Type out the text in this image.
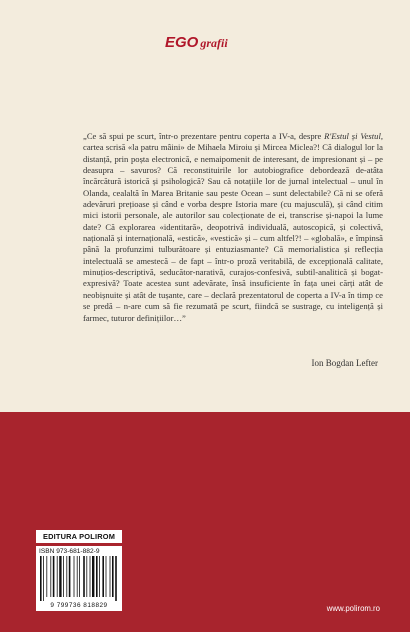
EGO grafii

„Ce să spui pe scurt, într-o prezentare pentru coperta a IV-a, despre R'Estul și Vestul, cartea scrisă «la patru mâini» de Mihaela Miroiu și Mircea Miclea?! Că dialogul lor la distanță, prin poșta electronică, e nemaipomenit de interesant, de impresionant și – pe deasupra – savuros? Că reconstituirile lor autobiografice debordează de-atâta încărcătură istorică și psihologică? Sau că notațiile lor de jurnal intelectual – unul în Olanda, cealaltă în Marea Britanie sau peste Ocean – sunt delectabile? Că ni se oferă adevăruri prețioase și când e vorba despre Istoria mare (cu majusculă), și când citim mici istorii personale, ale autorilor sau colecționate de ei, transcrise și-napoi la lume date? Că explorarea «identitară», deopotrivă individuală, autoscopică, și colectivă, națională și internațională, «estică», «vestică» și – cum altfel?! – «globală», e împinsă până la profunzimi tulburătoare și entuziasmante? Că memorialistica și reflecția intelectuală se amestecă – de fapt – într-o proză veritabilă, de excepțională calitate, minuțios-descriptivă, seducător-narativă, curajos-confesivă, subtil-analitică și bogat-expresivă? Toate acestea sunt adevărate, însă insuficiente în fața unei cărți atât de neobișnuite și atât de tușante, care – declară prezentatorul de coperta a IV-a în timp ce se predă – n-are cum să fie rezumată pe scurt, fiindcă se sustrage, cu inteligență și farmec, tuturor definițiilor…”

Ion Bogdan Lefter
EDITURA POLIROM
ISBN 973-681-882-9
9 799736 818829	www.polirom.ro
